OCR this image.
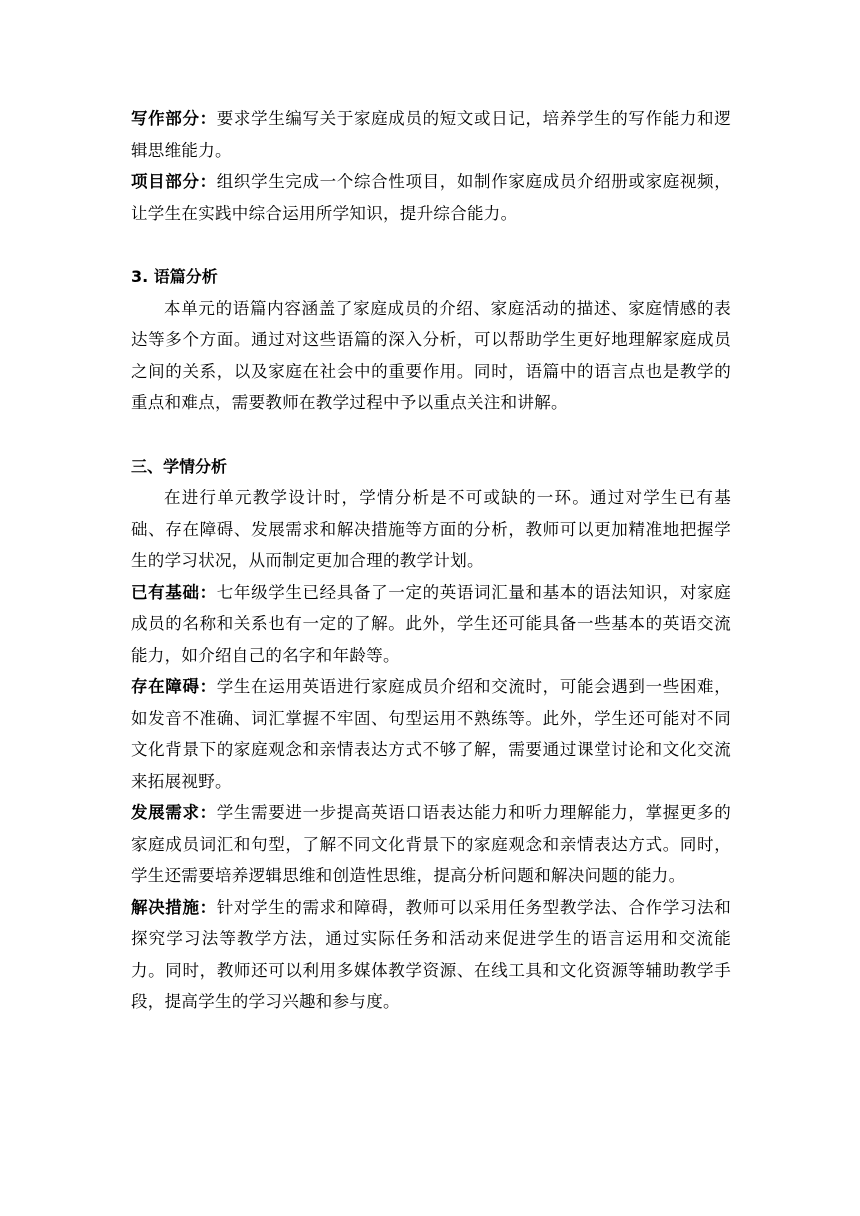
写作部分：要求学生编写关于家庭成员的短文或日记，培养学生的写作能力和逻辑思维能力。

项目部分：组织学生完成一个综合性项目，如制作家庭成员介绍册或家庭视频，让学生在实践中综合运用所学知识，提升综合能力。

3. 语篇分析

本单元的语篇内容涵盖了家庭成员的介绍、家庭活动的描述、家庭情感的表达等多个方面。通过对这些语篇的深入分析，可以帮助学生更好地理解家庭成员之间的关系，以及家庭在社会中的重要作用。同时，语篇中的语言点也是教学的重点和难点，需要教师在教学过程中予以重点关注和讲解。

三、学情分析

在进行单元教学设计时，学情分析是不可或缺的一环。通过对学生已有基础、存在障碍、发展需求和解决措施等方面的分析，教师可以更加精准地把握学生的学习状况，从而制定更加合理的教学计划。

已有基础：七年级学生已经具备了一定的英语词汇量和基本的语法知识，对家庭成员的名称和关系也有一定的了解。此外，学生还可能具备一些基本的英语交流能力，如介绍自己的名字和年龄等。

存在障碍：学生在运用英语进行家庭成员介绍和交流时，可能会遇到一些困难，如发音不准确、词汇掌握不牢固、句型运用不熟练等。此外，学生还可能对不同文化背景下的家庭观念和亲情表达方式不够了解，需要通过课堂讨论和文化交流来拓展视野。

发展需求：学生需要进一步提高英语口语表达能力和听力理解能力，掌握更多的家庭成员词汇和句型，了解不同文化背景下的家庭观念和亲情表达方式。同时，学生还需要培养逻辑思维和创造性思维，提高分析问题和解决问题的能力。

解决措施：针对学生的需求和障碍，教师可以采用任务型教学法、合作学习法和探究学习法等教学方法，通过实际任务和活动来促进学生的语言运用和交流能力。同时，教师还可以利用多媒体教学资源、在线工具和文化资源等辅助教学手段，提高学生的学习兴趣和参与度。
